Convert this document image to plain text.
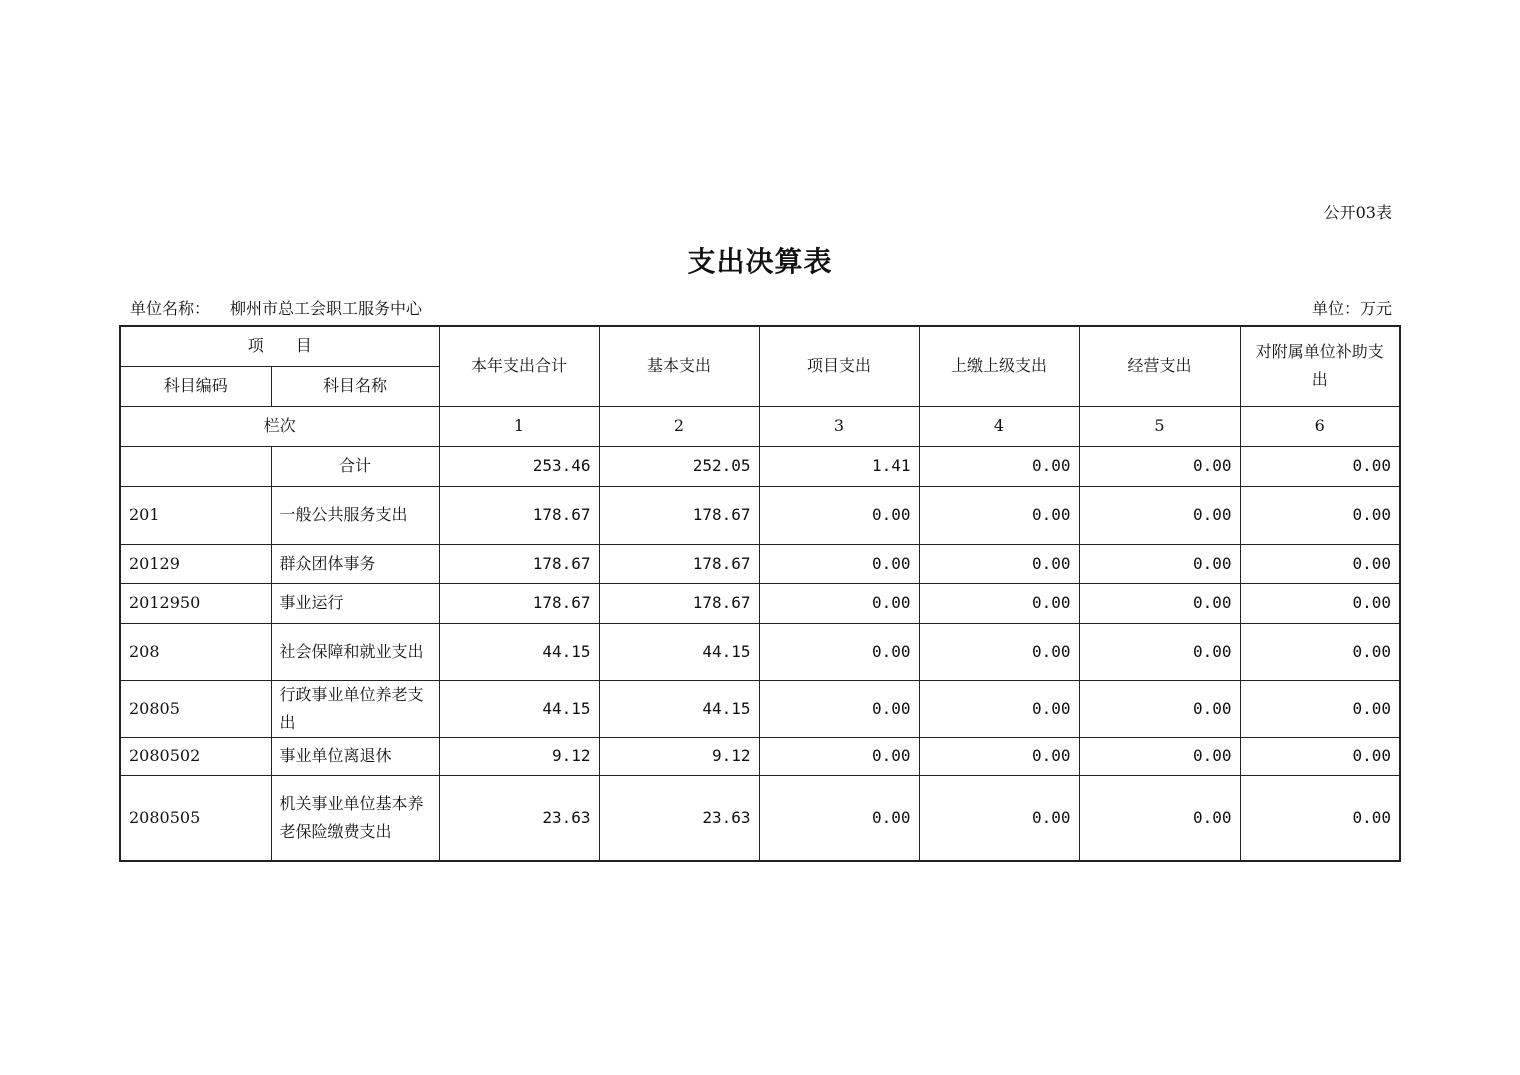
公开03表
支出决算表
单位名称： 柳州市总工会职工服务中心	单位：万元
项　　目		本年支出合计	基本支出	项目支出	上缴上级支出	经营支出	对附属单位补助支出
科目编码	科目名称						
栏次		1	2	3	4	5	6
	合计	253.46	252.05	1.41	0.00	0.00	0.00
201	一般公共服务支出	178.67	178.67	0.00	0.00	0.00	0.00
20129	群众团体事务	178.67	178.67	0.00	0.00	0.00	0.00
2012950	事业运行	178.67	178.67	0.00	0.00	0.00	0.00
208	社会保障和就业支出	44.15	44.15	0.00	0.00	0.00	0.00
20805	行政事业单位养老支出	44.15	44.15	0.00	0.00	0.00	0.00
2080502	事业单位离退休	9.12	9.12	0.00	0.00	0.00	0.00
2080505	机关事业单位基本养老保险缴费支出	23.63	23.63	0.00	0.00	0.00	0.00
